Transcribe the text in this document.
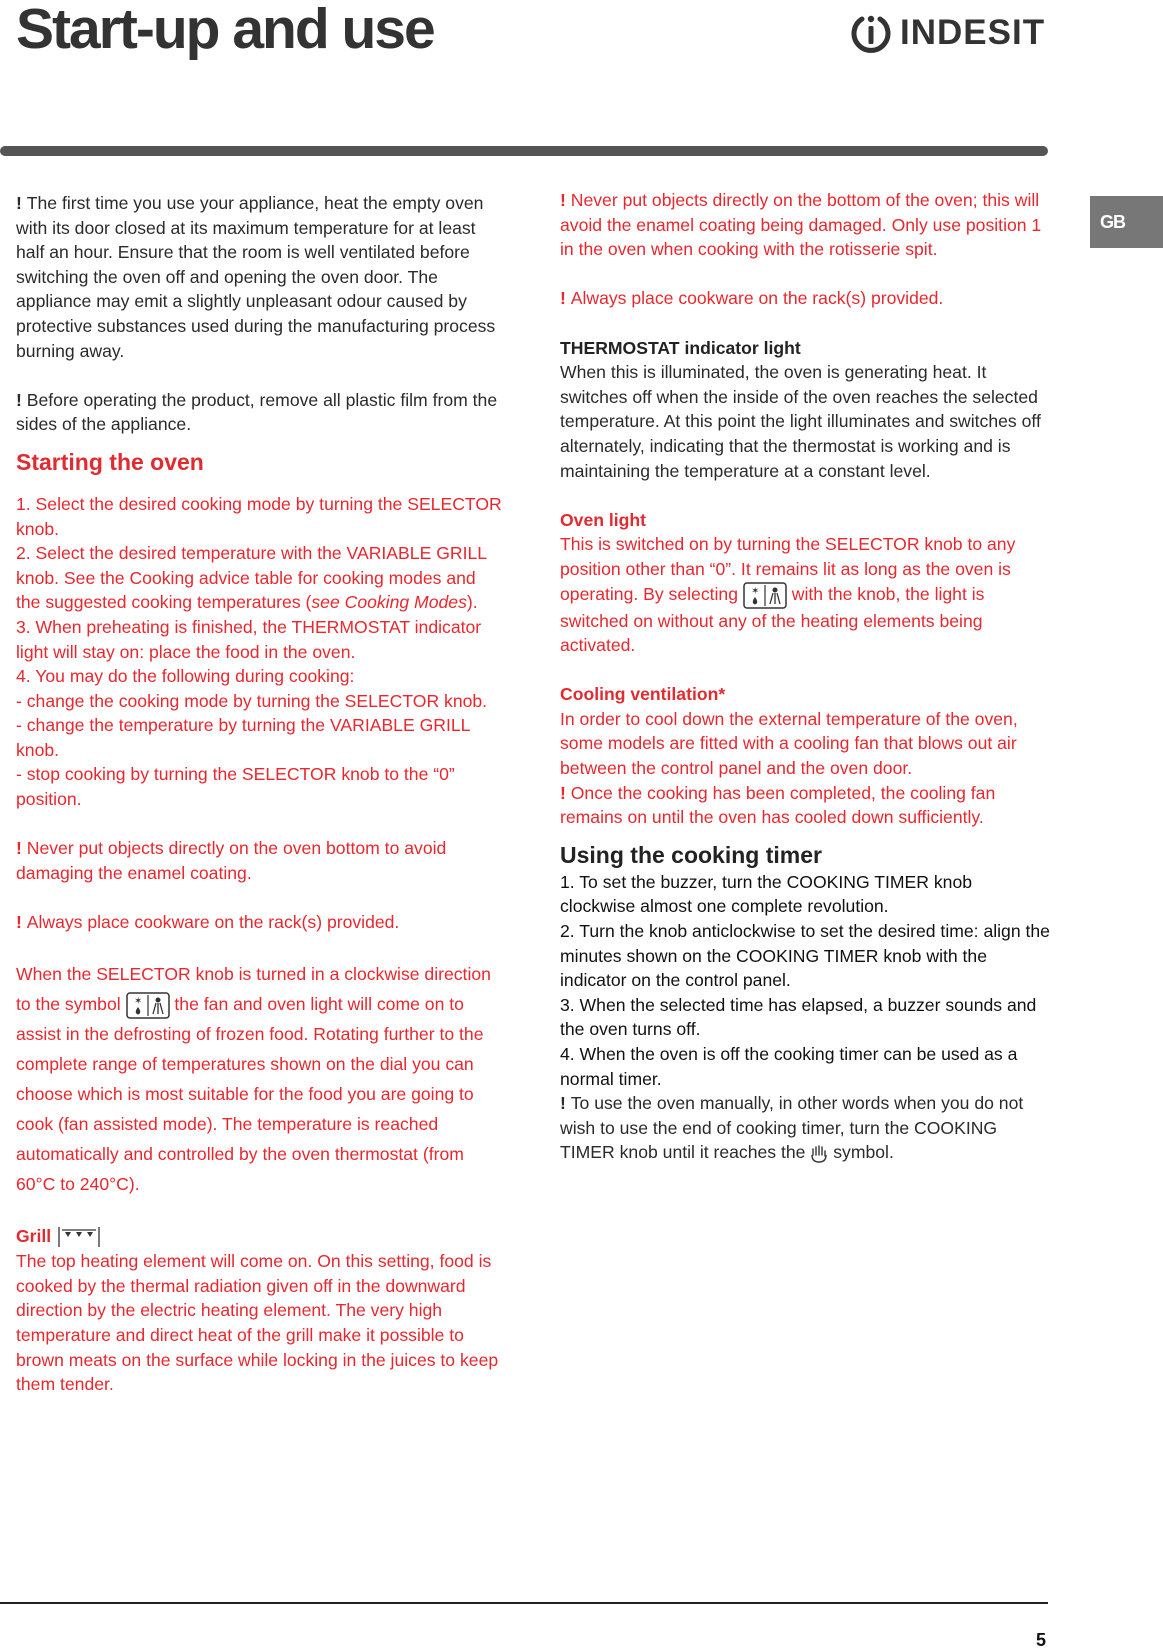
Start-up and use	INDESIT
GB

! The first time you use your appliance, heat the empty oven with its door closed at its maximum temperature for at least half an hour. Ensure that the room is well ventilated before switching the oven off and opening the oven door. The appliance may emit a slightly unpleasant odour caused by protective substances used during the manufacturing process burning away.

! Before operating the product, remove all plastic film from the sides of the appliance.

Starting the oven

1. Select the desired cooking mode by turning the SELECTOR knob.

2. Select the desired temperature with the VARIABLE GRILL knob. See the Cooking advice table for cooking modes and the suggested cooking temperatures (see Cooking Modes).

3. When preheating is finished, the THERMOSTAT indicator light will stay on: place the food in the oven.

4. You may do the following during cooking:

- change the cooking mode by turning the SELECTOR knob.

- change the temperature by turning the VARIABLE GRILL knob.

- stop cooking by turning the SELECTOR knob to the “0” position.

! Never put objects directly on the oven bottom to avoid damaging the enamel coating.

! Always place cookware on the rack(s) provided.

When the SELECTOR knob is turned in a clockwise direction to the symbol ✶ the fan and oven light will come on to assist in the defrosting of frozen food. Rotating further to the complete range of temperatures shown on the dial you can choose which is most suitable for the food you are going to cook (fan assisted mode). The temperature is reached automatically and controlled by the oven thermostat (from 60°C to 240°C).

Grill

The top heating element will come on. On this setting, food is cooked by the thermal radiation given off in the downward direction by the electric heating element. The very high temperature and direct heat of the grill make it possible to brown meats on the surface while locking in the juices to keep them tender.

! Never put objects directly on the bottom of the oven; this will avoid the enamel coating being damaged. Only use position 1 in the oven when cooking with the rotisserie spit.

! Always place cookware on the rack(s) provided.

THERMOSTAT indicator light

When this is illuminated, the oven is generating heat. It switches off when the inside of the oven reaches the selected temperature. At this point the light illuminates and switches off alternately, indicating that the thermostat is working and is maintaining the temperature at a constant level.

Oven light

This is switched on by turning the SELECTOR knob to any position other than “0”. It remains lit as long as the oven is operating. By selecting ✶ with the knob, the light is switched on without any of the heating elements being activated.

Cooling ventilation*

In order to cool down the external temperature of the oven, some models are fitted with a cooling fan that blows out air between the control panel and the oven door.

! Once the cooking has been completed, the cooling fan remains on until the oven has cooled down sufficiently.

Using the cooking timer

1. To set the buzzer, turn the COOKING TIMER knob clockwise almost one complete revolution.

2. Turn the knob anticlockwise to set the desired time: align the minutes shown on the COOKING TIMER knob with the indicator on the control panel.

3. When the selected time has elapsed, a buzzer sounds and the oven turns off.

4. When the oven is off the cooking timer can be used as a normal timer.

! To use the oven manually, in other words when you do not wish to use the end of cooking timer, turn the COOKING TIMER knob until it reaches the symbol.

5
